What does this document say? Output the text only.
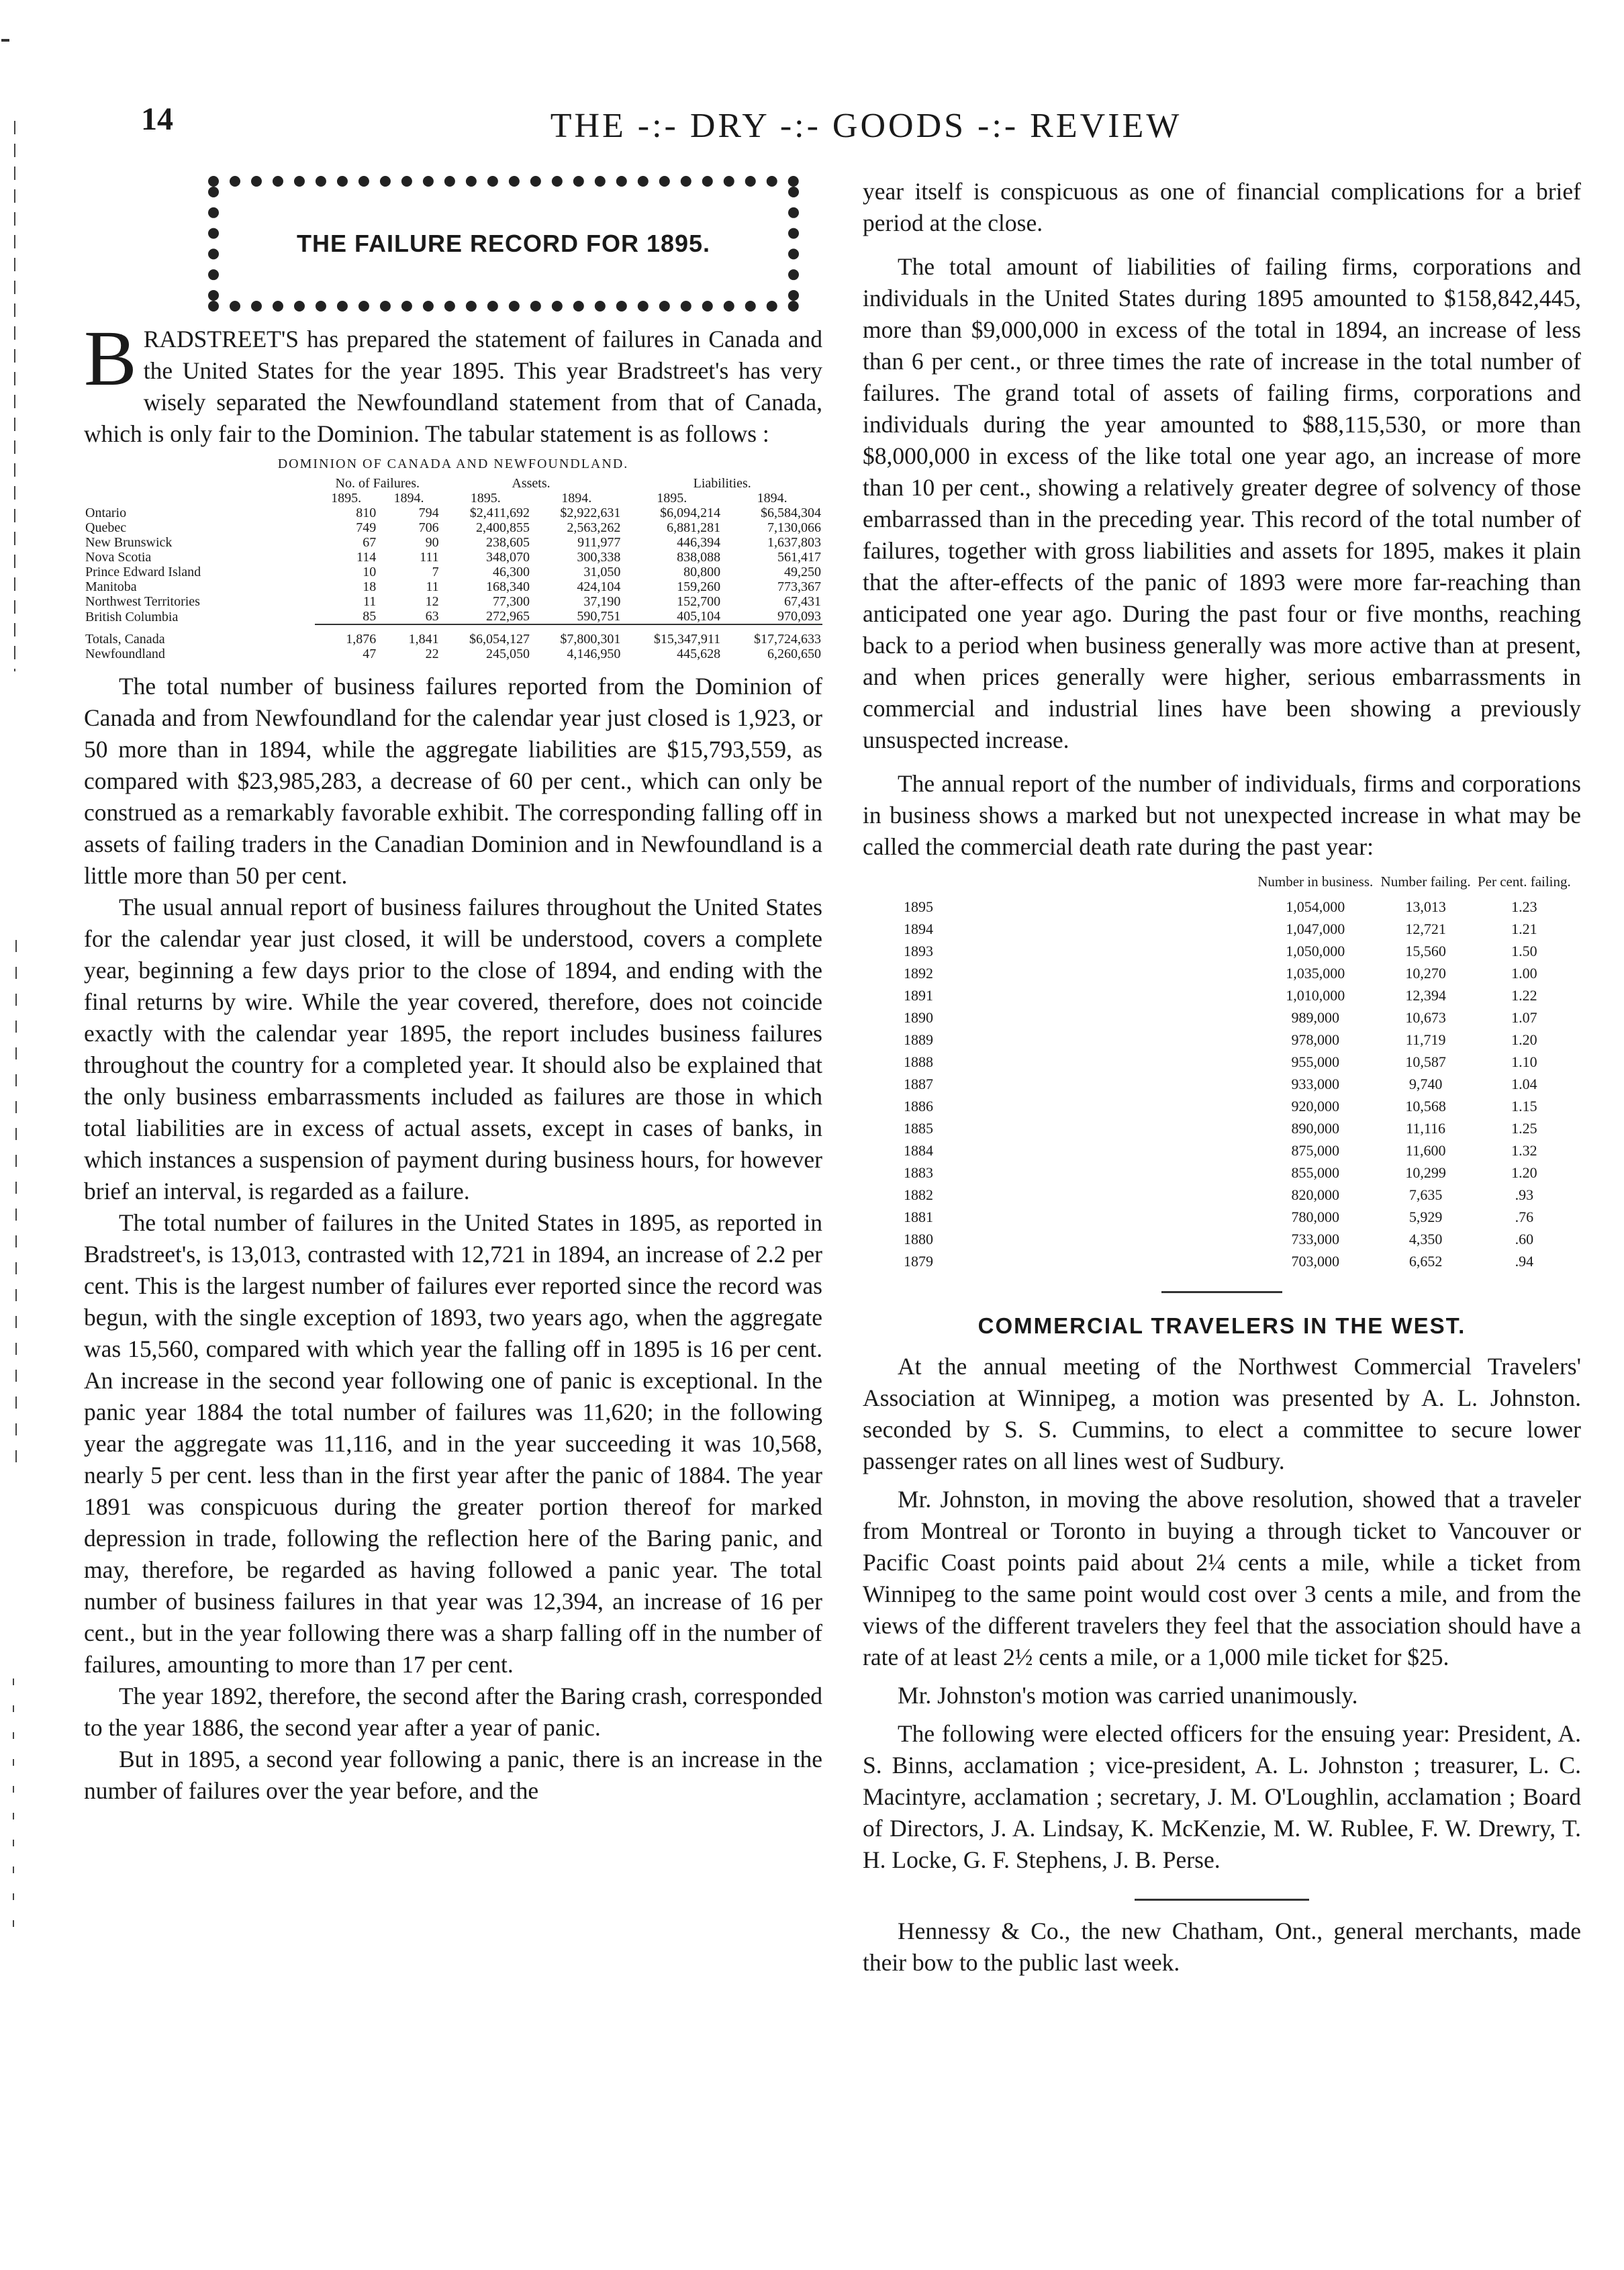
14	THE -:- DRY -:- GOODS -:- REVIEW
THE FAILURE RECORD FOR 1895.

BRADSTREET'S has prepared the statement of failures in Canada and the United States for the year 1895. This year Bradstreet's has very wisely separated the Newfoundland statement from that of Canada, which is only fair to the Dominion. The tabular statement is as follows :

DOMINION OF CANADA AND NEWFOUNDLAND.
	No. of Failures.		Assets.		Liabilities.	
	1895.	1894.	1895.	1894.	1895.	1894.
Ontario	810	794	$2,411,692	$2,922,631	$6,094,214	$6,584,304
Quebec	749	706	2,400,855	2,563,262	6,881,281	7,130,066
New Brunswick	67	90	238,605	911,977	446,394	1,637,803
Nova Scotia	114	111	348,070	300,338	838,088	561,417
Prince Edward Island	10	7	46,300	31,050	80,800	49,250
Manitoba	18	11	168,340	424,104	159,260	773,367
Northwest Territories	11	12	77,300	37,190	152,700	67,431
British Columbia	85	63	272,965	590,751	405,104	970,093
Totals, Canada	1,876	1,841	$6,054,127	$7,800,301	$15,347,911	$17,724,633
Newfoundland	47	22	245,050	4,146,950	445,628	6,260,650

The total number of business failures reported from the Dominion of Canada and from Newfoundland for the calendar year just closed is 1,923, or 50 more than in 1894, while the aggregate liabilities are $15,793,559, as compared with $23,985,283, a decrease of 60 per cent., which can only be construed as a remarkably favorable exhibit. The corresponding falling off in assets of failing traders in the Canadian Dominion and in Newfoundland is a little more than 50 per cent.

The usual annual report of business failures throughout the United States for the calendar year just closed, it will be understood, covers a complete year, beginning a few days prior to the close of 1894, and ending with the final returns by wire. While the year covered, therefore, does not coincide exactly with the calendar year 1895, the report includes business failures throughout the country for a completed year. It should also be explained that the only business embarrassments included as failures are those in which total liabilities are in excess of actual assets, except in cases of banks, in which instances a suspension of payment during business hours, for however brief an interval, is regarded as a failure.

The total number of failures in the United States in 1895, as reported in Bradstreet's, is 13,013, contrasted with 12,721 in 1894, an increase of 2.2 per cent. This is the largest number of failures ever reported since the record was begun, with the single exception of 1893, two years ago, when the aggregate was 15,560, compared with which year the falling off in 1895 is 16 per cent. An increase in the second year following one of panic is exceptional. In the panic year 1884 the total number of failures was 11,620; in the following year the aggregate was 11,116, and in the year succeeding it was 10,568, nearly 5 per cent. less than in the first year after the panic of 1884. The year 1891 was conspicuous during the greater portion thereof for marked depression in trade, following the reflection here of the Baring panic, and may, therefore, be regarded as having followed a panic year. The total number of business failures in that year was 12,394, an increase of 16 per cent., but in the year following there was a sharp falling off in the number of failures, amounting to more than 17 per cent.

The year 1892, therefore, the second after the Baring crash, corresponded to the year 1886, the second year after a year of panic.

But in 1895, a second year following a panic, there is an increase in the number of failures over the year before, and the

year itself is conspicuous as one of financial complications for a brief period at the close.

The total amount of liabilities of failing firms, corporations and individuals in the United States during 1895 amounted to $158,842,445, more than $9,000,000 in excess of the total in 1894, an increase of less than 6 per cent., or three times the rate of increase in the total number of failures. The grand total of assets of failing firms, corporations and individuals during the year amounted to $88,115,530, or more than $8,000,000 in excess of the like total one year ago, an increase of more than 10 per cent., showing a relatively greater degree of solvency of those embarrassed than in the preceding year. This record of the total number of failures, together with gross liabilities and assets for 1895, makes it plain that the after-effects of the panic of 1893 were more far-reaching than anticipated one year ago. During the past four or five months, reaching back to a period when business generally was more active than at present, and when prices generally were higher, serious embarrassments in commercial and industrial lines have been showing a previously unsuspected increase.

The annual report of the number of individuals, firms and corporations in business shows a marked but not unexpected increase in what may be called the commercial death rate during the past year:

	Number in business.	Number failing.	Per cent. failing.
1895	1,054,000	13,013	1.23
1894	1,047,000	12,721	1.21
1893	1,050,000	15,560	1.50
1892	1,035,000	10,270	1.00
1891	1,010,000	12,394	1.22
1890	989,000	10,673	1.07
1889	978,000	11,719	1.20
1888	955,000	10,587	1.10
1887	933,000	9,740	1.04
1886	920,000	10,568	1.15
1885	890,000	11,116	1.25
1884	875,000	11,600	1.32
1883	855,000	10,299	1.20
1882	820,000	7,635	.93
1881	780,000	5,929	.76
1880	733,000	4,350	.60
1879	703,000	6,652	.94
COMMERCIAL TRAVELERS IN THE WEST.

At the annual meeting of the Northwest Commercial Travelers' Association at Winnipeg, a motion was presented by A. L. Johnston. seconded by S. S. Cummins, to elect a committee to secure lower passenger rates on all lines west of Sudbury.

Mr. Johnston, in moving the above resolution, showed that a traveler from Montreal or Toronto in buying a through ticket to Vancouver or Pacific Coast points paid about 2¼ cents a mile, while a ticket from Winnipeg to the same point would cost over 3 cents a mile, and from the views of the different travelers they feel that the association should have a rate of at least 2½ cents a mile, or a 1,000 mile ticket for $25.

Mr. Johnston's motion was carried unanimously.

The following were elected officers for the ensuing year: President, A. S. Binns, acclamation ; vice-president, A. L. Johnston ; treasurer, L. C. Macintyre, acclamation ; secretary, J. M. O'Loughlin, acclamation ; Board of Directors, J. A. Lindsay, K. McKenzie, M. W. Rublee, F. W. Drewry, T. H. Locke, G. F. Stephens, J. B. Perse.

Hennessy & Co., the new Chatham, Ont., general merchants, made their bow to the public last week.
